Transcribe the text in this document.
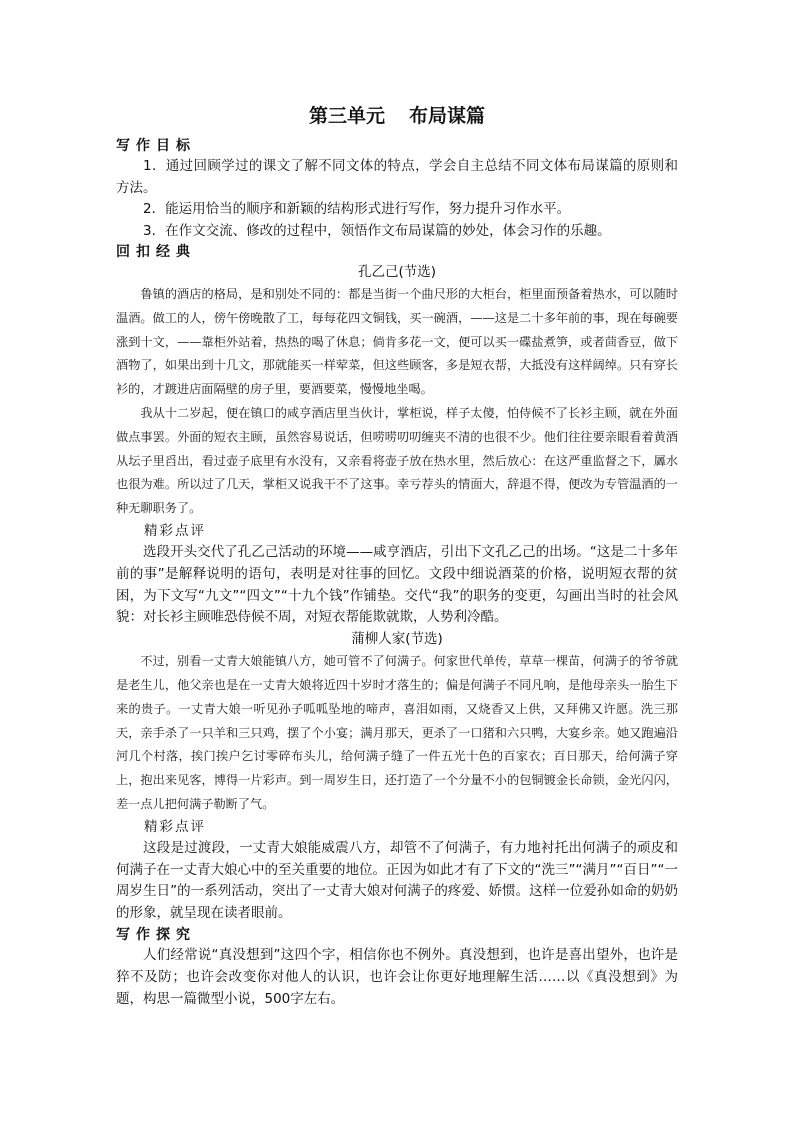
第三单元 布局谋篇
写作目标

1．通过回顾学过的课文了解不同文体的特点，学会自主总结不同文体布局谋篇的原则和方法。

2．能运用恰当的顺序和新颖的结构形式进行写作，努力提升习作水平。

3．在作文交流、修改的过程中，领悟作文布局谋篇的妙处，体会习作的乐趣。

回扣经典
孔乙己(节选)

鲁镇的酒店的格局，是和别处不同的：都是当街一个曲尺形的大柜台，柜里面预备着热水，可以随时温酒。做工的人，傍午傍晚散了工，每每花四文铜钱，买一碗酒，——这是二十多年前的事，现在每碗要涨到十文，——靠柜外站着，热热的喝了休息；倘肯多花一文，便可以买一碟盐煮笋，或者茴香豆，做下酒物了，如果出到十几文，那就能买一样荤菜，但这些顾客，多是短衣帮，大抵没有这样阔绰。只有穿长衫的，才踱进店面隔壁的房子里，要酒要菜，慢慢地坐喝。

我从十二岁起，便在镇口的咸亨酒店里当伙计，掌柜说，样子太傻，怕侍候不了长衫主顾，就在外面做点事罢。外面的短衣主顾，虽然容易说话，但唠唠叨叨缠夹不清的也很不少。他们往往要亲眼看着黄酒从坛子里舀出，看过壶子底里有水没有，又亲看将壶子放在热水里，然后放心：在这严重监督之下，羼水也很为难。所以过了几天，掌柜又说我干不了这事。幸亏荐头的情面大，辞退不得，便改为专管温酒的一种无聊职务了。

精彩点评

选段开头交代了孔乙己活动的环境——咸亨酒店，引出下文孔乙己的出场。“这是二十多年前的事”是解释说明的语句，表明是对往事的回忆。文段中细说酒菜的价格，说明短衣帮的贫困，为下文写“九文”“四文”“十九个钱”作铺垫。交代“我”的职务的变更，勾画出当时的社会风貌：对长衫主顾唯恐侍候不周，对短衣帮能欺就欺，人势利冷酷。

蒲柳人家(节选)

不过，别看一丈青大娘能镇八方，她可管不了何满子。何家世代单传，草草一棵苗，何满子的爷爷就是老生儿，他父亲也是在一丈青大娘将近四十岁时才落生的；偏是何满子不同凡响，是他母亲头一胎生下来的贵子。一丈青大娘一听见孙子呱呱坠地的啼声，喜泪如雨，又烧香又上供，又拜佛又许愿。洗三那天，亲手杀了一只羊和三只鸡，摆了个小宴；满月那天，更杀了一口猪和六只鸭，大宴乡亲。她又跑遍沿河几个村落，挨门挨户乞讨零碎布头儿，给何满子缝了一件五光十色的百家衣；百日那天，给何满子穿上，抱出来见客，博得一片彩声。到一周岁生日，还打造了一个分量不小的包铜镀金长命锁，金光闪闪，差一点儿把何满子勒断了气。

精彩点评

这段是过渡段，一丈青大娘能威震八方，却管不了何满子，有力地衬托出何满子的顽皮和何满子在一丈青大娘心中的至关重要的地位。正因为如此才有了下文的“洗三”“满月”“百日”“一周岁生日”的一系列活动，突出了一丈青大娘对何满子的疼爱、娇惯。这样一位爱孙如命的奶奶的形象，就呈现在读者眼前。

写作探究

人们经常说“真没想到”这四个字，相信你也不例外。真没想到，也许是喜出望外，也许是猝不及防；也许会改变你对他人的认识，也许会让你更好地理解生活……以《真没想到》为题，构思一篇微型小说，500字左右。
